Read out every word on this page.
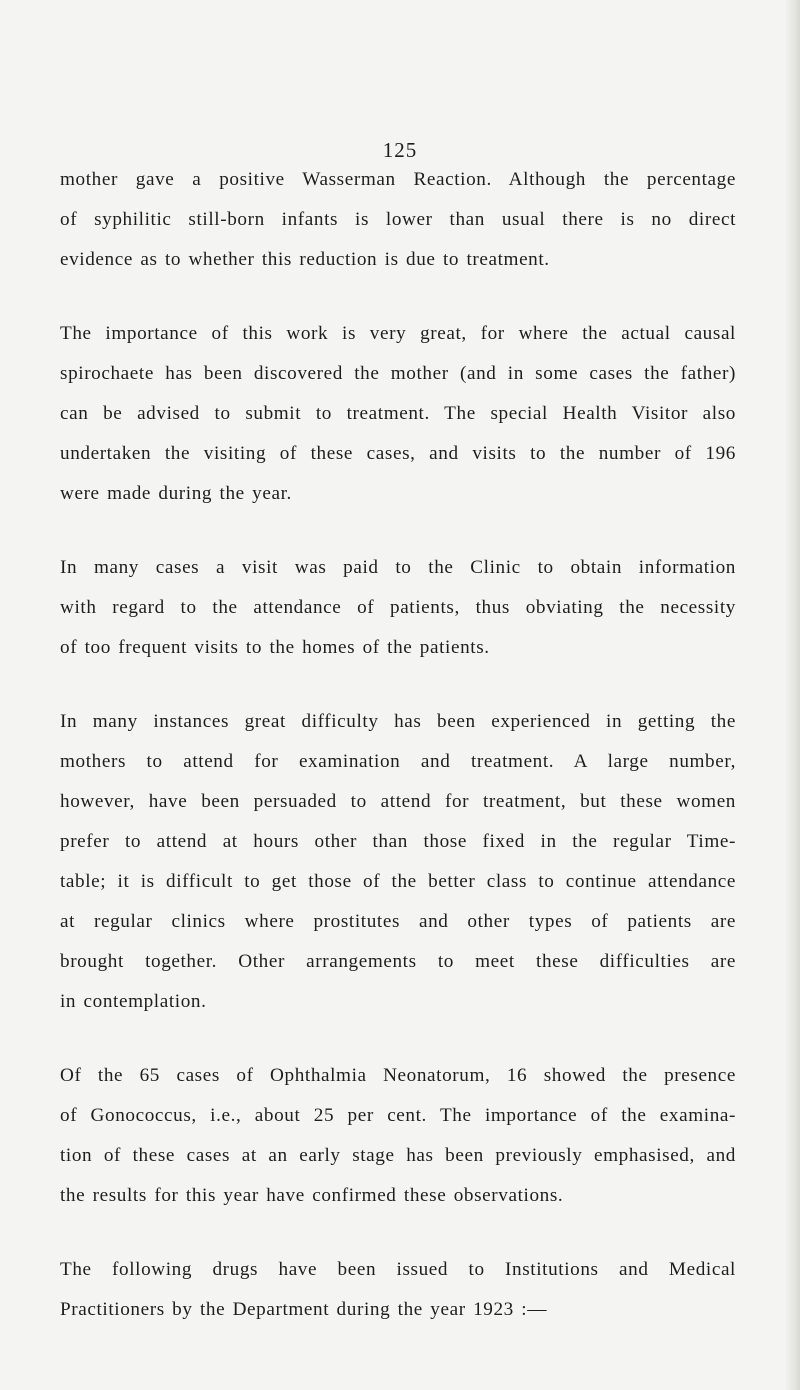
125
mother gave a positive Wasserman Reaction. Although the percentage
of syphilitic still-born infants is lower than usual there is no direct
evidence as to whether this reduction is due to treatment.
The importance of this work is very great, for where the actual causal
spirochaete has been discovered the mother (and in some cases the father)
can be advised to submit to treatment. The special Health Visitor also
undertaken the visiting of these cases, and visits to the number of 196
were made during the year.
In many cases a visit was paid to the Clinic to obtain information
with regard to the attendance of patients, thus obviating the necessity
of too frequent visits to the homes of the patients.
In many instances great difficulty has been experienced in getting the
mothers to attend for examination and treatment. A large number,
however, have been persuaded to attend for treatment, but these women
prefer to attend at hours other than those fixed in the regular Time-
table; it is difficult to get those of the better class to continue attendance
at regular clinics where prostitutes and other types of patients are
brought together. Other arrangements to meet these difficulties are
in contemplation.
Of the 65 cases of Ophthalmia Neonatorum, 16 showed the presence
of Gonococcus, i.e., about 25 per cent. The importance of the examina-
tion of these cases at an early stage has been previously emphasised, and
the results for this year have confirmed these observations.
The following drugs have been issued to Institutions and Medical
Practitioners by the Department during the year 1923 :—
